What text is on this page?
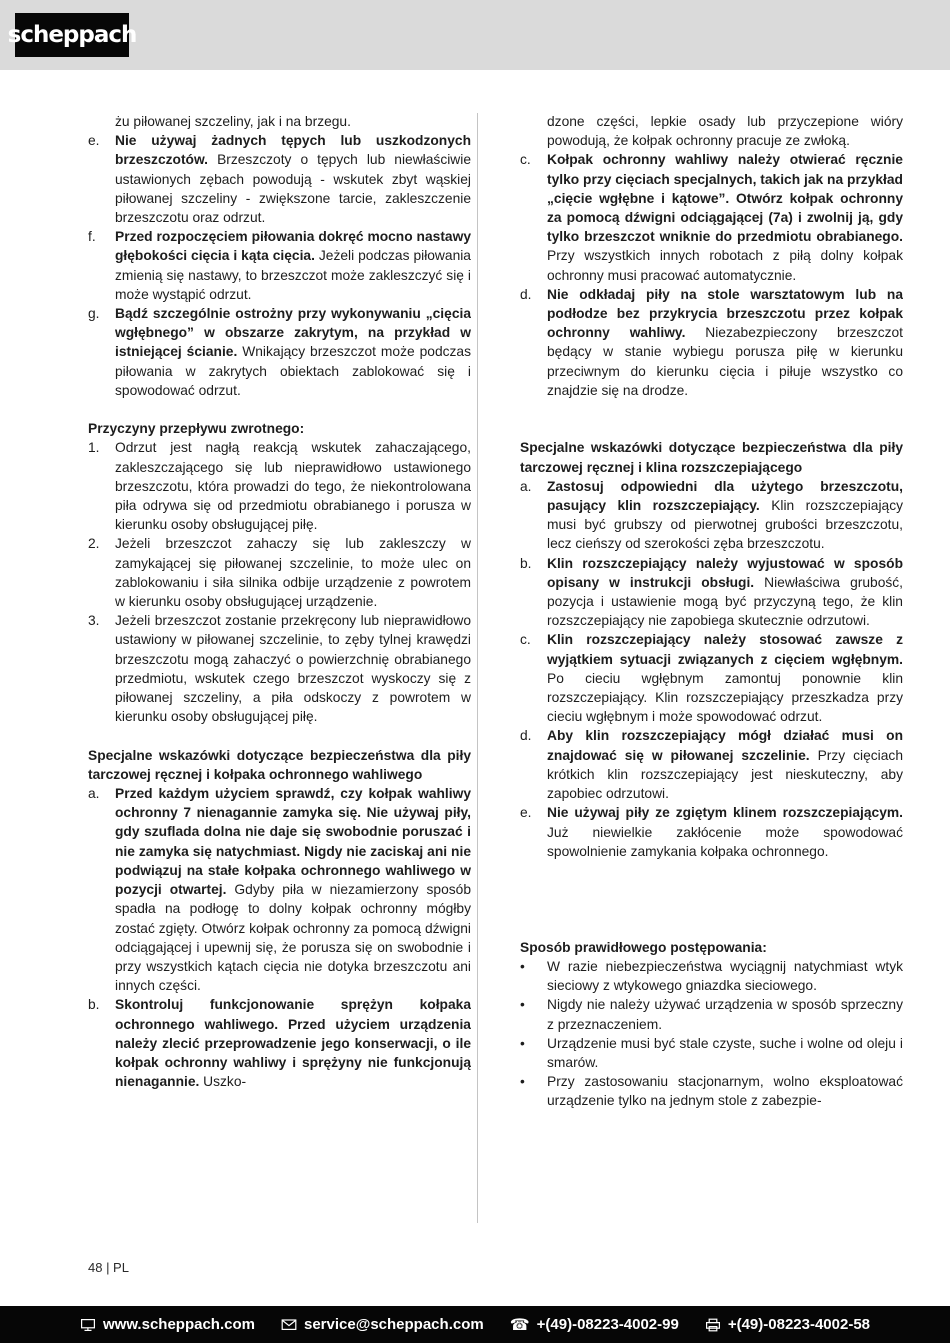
scheppach
żu piłowanej szczeliny, jak i na brzegu.
e.	Nie używaj żadnych tępych lub uszkodzonych brzeszczotów. Brzeszczoty o tępych lub niewłaściwie ustawionych zębach powodują - wskutek zbyt wąskiej piłowanej szczeliny - zwiększone tarcie, zakleszczenie brzeszczotu oraz odrzut.
f.	Przed rozpoczęciem piłowania dokręć mocno nastawy głębokości cięcia i kąta cięcia. Jeżeli podczas piłowania zmienią się nastawy, to brzeszczot może zakleszczyć się i może wystąpić odrzut.
g.	Bądź szczególnie ostrożny przy wykonywaniu „cięcia wgłębnego” w obszarze zakrytym, na przykład w istniejącej ścianie. Wnikający brzeszczot może podczas piłowania w zakrytych obiektach zablokować się i spowodować odrzut.
Przyczyny przepływu zwrotnego:
1.	Odrzut jest nagłą reakcją wskutek zahaczającego, zakleszczającego się lub nieprawidłowo ustawionego brzeszczotu, która prowadzi do tego, że niekontrolowana piła odrywa się od przedmiotu obrabianego i porusza w kierunku osoby obsługującej piłę.
2.	Jeżeli brzeszczot zahaczy się lub zakleszczy w zamykającej się piłowanej szczelinie, to może ulec on zablokowaniu i siła silnika odbije urządzenie z powrotem w kierunku osoby obsługującej urządzenie.
3.	Jeżeli brzeszczot zostanie przekręcony lub nieprawidłowo ustawiony w piłowanej szczelinie, to zęby tylnej krawędzi brzeszczotu mogą zahaczyć o powierzchnię obrabianego przedmiotu, wskutek czego brzeszczot wyskoczy się z piłowanej szczeliny, a piła odskoczy z powrotem w kierunku osoby obsługującej piłę.
Specjalne wskazówki dotyczące bezpieczeństwa dla piły tarczowej ręcznej i kołpaka ochronnego wahliwego
a.	Przed każdym użyciem sprawdź, czy kołpak wahliwy ochronny 7 nienagannie zamyka się. Nie używaj piły, gdy szuflada dolna nie daje się swobodnie poruszać i nie zamyka się natychmiast. Nigdy nie zaciskaj ani nie podwiązuj na stałe kołpaka ochronnego wahliwego w pozycji otwartej. Gdyby piła w niezamierzony sposób spadła na podłogę to dolny kołpak ochronny mógłby zostać zgięty. Otwórz kołpak ochronny za pomocą dźwigni odciągającej i upewnij się, że porusza się on swobodnie i przy wszystkich kątach cięcia nie dotyka brzeszczotu ani innych części.
b.	Skontroluj funkcjonowanie sprężyn kołpaka ochronnego wahliwego. Przed użyciem urządzenia należy zlecić przeprowadzenie jego konserwacji, o ile kołpak ochronny wahliwy i sprężyny nie funkcjonują nienagannie. Uszko-
dzone części, lepkie osady lub przyczepione wióry powodują, że kołpak ochronny pracuje ze zwłoką.
c.	Kołpak ochronny wahliwy należy otwierać ręcznie tylko przy cięciach specjalnych, takich jak na przykład „cięcie wgłębne i kątowe”. Otwórz kołpak ochronny za pomocą dźwigni odciągającej (7a) i zwolnij ją, gdy tylko brzeszczot wniknie do przedmiotu obrabianego. Przy wszystkich innych robotach z piłą dolny kołpak ochronny musi pracować automatycznie.
d.	Nie odkładaj piły na stole warsztatowym lub na podłodze bez przykrycia brzeszczotu przez kołpak ochronny wahliwy. Niezabezpieczony brzeszczot będący w stanie wybiegu porusza piłę w kierunku przeciwnym do kierunku cięcia i piłuje wszystko co znajdzie się na drodze.
Specjalne wskazówki dotyczące bezpieczeństwa dla piły tarczowej ręcznej i klina rozszczepiającego
a.	Zastosuj odpowiedni dla użytego brzeszczotu, pasujący klin rozszczepiający. Klin rozszczepiający musi być grubszy od pierwotnej grubości brzeszczotu, lecz cieńszy od szerokości zęba brzeszczotu.
b.	Klin rozszczepiający należy wyjustować w sposób opisany w instrukcji obsługi. Niewłaściwa grubość, pozycja i ustawienie mogą być przyczyną tego, że klin rozszczepiający nie zapobiega skutecznie odrzutowi.
c.	Klin rozszczepiający należy stosować zawsze z wyjątkiem sytuacji związanych z cięciem wgłębnym. Po cieciu wgłębnym zamontuj ponownie klin rozszczepiający. Klin rozszczepiający przeszkadza przy cieciu wgłębnym i może spowodować odrzut.
d.	Aby klin rozszczepiający mógł działać musi on znajdować się w piłowanej szczelinie. Przy cięciach krótkich klin rozszczepiający jest nieskuteczny, aby zapobiec odrzutowi.
e.	Nie używaj piły ze zgiętym klinem rozszczepiającym. Już niewielkie zakłócenie może spowodować spowolnienie zamykania kołpaka ochronnego.
Sposób prawidłowego postępowania:
•	W razie niebezpieczeństwa wyciągnij natychmiast wtyk sieciowy z wtykowego gniazdka sieciowego.
•	Nigdy nie należy używać urządzenia w sposób sprzeczny z przeznaczeniem.
•	Urządzenie musi być stale czyste, suche i wolne od oleju i smarów.
•	Przy zastosowaniu stacjonarnym, wolno eksploatować urządzenie tylko na jednym stole z zabezpie-
48 | PL
www.scheppach.com	service@scheppach.com ☎ +(49)-08223-4002-99	+(49)-08223-4002-58
